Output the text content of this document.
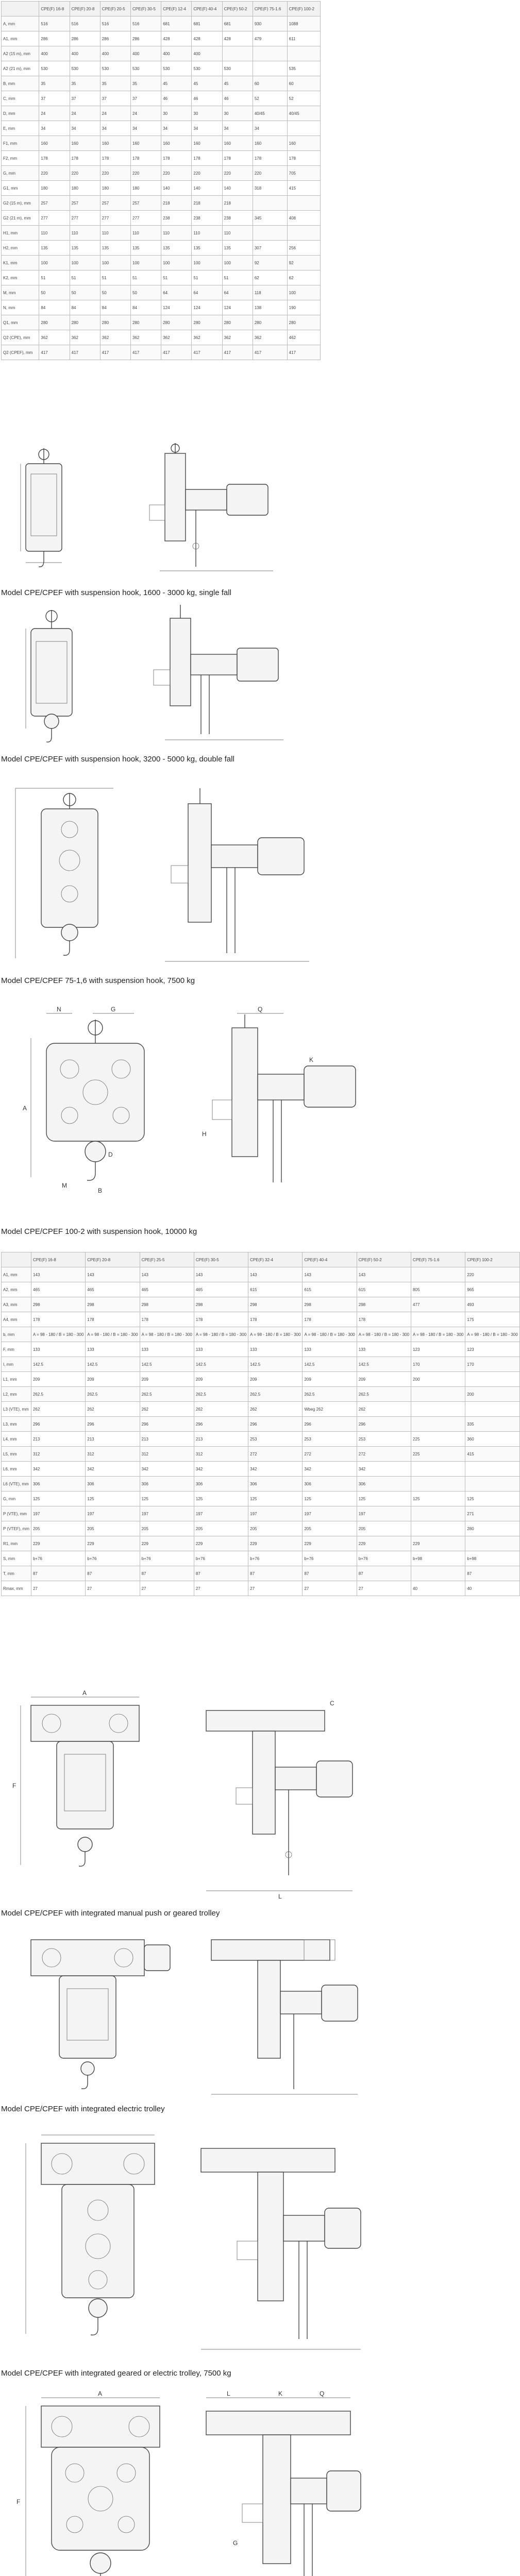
	CPE(F) 16-8	CPE(F) 20-8	CPE(F) 20-5	CPE(F) 30-5	CPE(F) 12-4	CPE(F) 40-4	CPE(F) 50-2	CPE(F) 75-1.6	CPE(F) 100-2
A, mm	516	516	516	516	681	681	681	930	1088
A1, mm	286	286	286	286	428	428	428	479	611
A2 (15 m), mm	400	400	400	400	400	400			
A2 (21 m), mm	530	530	530	530	530	530	530		535
B, mm	35	35	35	35	45	45	45	60	60
C, mm	37	37	37	37	46	46	46	52	52
D, mm	24	24	24	24	30	30	30	40/45	40/45
E, mm	34	34	34	34	34	34	34	34	
F1, mm	160	160	160	160	160	160	160	160	160
F2, mm	178	178	178	178	178	178	178	178	178
G, mm	220	220	220	220	220	220	220	220	705
G1, mm	180	180	180	180	140	140	140	318	415
G2 (15 m), mm	257	257	257	257	218	218	218		
G2 (21 m), mm	277	277	277	277	238	238	238	345	408
H1, mm	110	110	110	110	110	110	110		
H2, mm	135	135	135	135	135	135	135	307	256
K1, mm	100	100	100	100	100	100	100	92	92
K2, mm	51	51	51	51	51	51	51	62	62
M, mm	50	50	50	50	64	64	64	118	100
N, mm	84	84	84	84	124	124	124	138	190
Q1, mm	280	280	280	280	280	280	280	280	280
Q2 (CPE), mm	362	362	362	362	362	362	362	362	462
Q2 (CPEF), mm	417	417	417	417	417	417	417	417	417
Model CPE/CPEF with suspension hook, 1600 - 3000 kg, single fall
Model CPE/CPEF with suspension hook, 3200 - 5000 kg, double fall
Model CPE/CPEF 75-1,6 with suspension hook, 7500 kg
N	G
A
D
M
B
Q
K
H
Model CPE/CPEF 100-2 with suspension hook, 10000 kg
	CPE(F) 16-8	CPE(F) 20-8	CPE(F) 25-5	CPE(F) 30-5	CPE(F) 32-4	CPE(F) 40-4	CPE(F) 50-2	CPE(F) 75-1.6	CPE(F) 100-2
A1, mm	143	143	143	143	143	143	143		220
A2, mm	465	465	465	465	615	615	615	805	965
A3, mm	298	298	298	298	298	298	298	477	493
A4, mm	178	178	178	178	178	178	178		175
b, mm	A = 98 - 180 / B = 180 - 300	A = 98 - 180 / B = 180 - 300	A = 98 - 180 / B = 180 - 300	A = 98 - 180 / B = 180 - 300	A = 98 - 180 / B = 180 - 300	A = 98 - 180 / B = 180 - 300	A = 98 - 180 / B = 180 - 300	A = 98 - 180 / B = 180 - 300	A = 98 - 180 / B = 180 - 300
F, mm	133	133	133	133	133	133	133	123	123
I, mm	142.5	142.5	142.5	142.5	142.5	142.5	142.5	170	170
L1, mm	209	209	209	209	209	209	209	200	
L2, mm	262.5	262.5	262.5	262.5	262.5	262.5	262.5		200
L3 (VTE), mm	262	262	262	262	262	Wbeg 262	262		
L3, mm	296	296	296	296	296	296	296		335
L4, mm	213	213	213	213	253	253	253	225	360
L5, mm	312	312	312	312	272	272	272	225	415
L6, mm	342	342	342	342	342	342	342		
L6 (VTE), mm	306	306	306	306	306	306	306		
G, mm	125	125	125	125	125	125	125	125	125
P (VTE), mm	197	197	197	197	197	197	197		271
P (VTEF), mm	205	205	205	205	205	205	205		280
R1, mm	229	229	229	229	229	229	229	229	
S, mm	b+76	b+76	b+76	b+76	b+76	b+76	b+76	b+98	b+98
T, mm	87	87	87	87	87	87	87		87
Rmax, mm	27	27	27	27	27	27	27	40	40
A
F
L
C
Model CPE/CPEF with integrated manual push or geared trolley
Model CPE/CPEF with integrated electric trolley
Model CPE/CPEF with integrated geared or electric trolley, 7500 kg
A
F
L	K	Q
G
